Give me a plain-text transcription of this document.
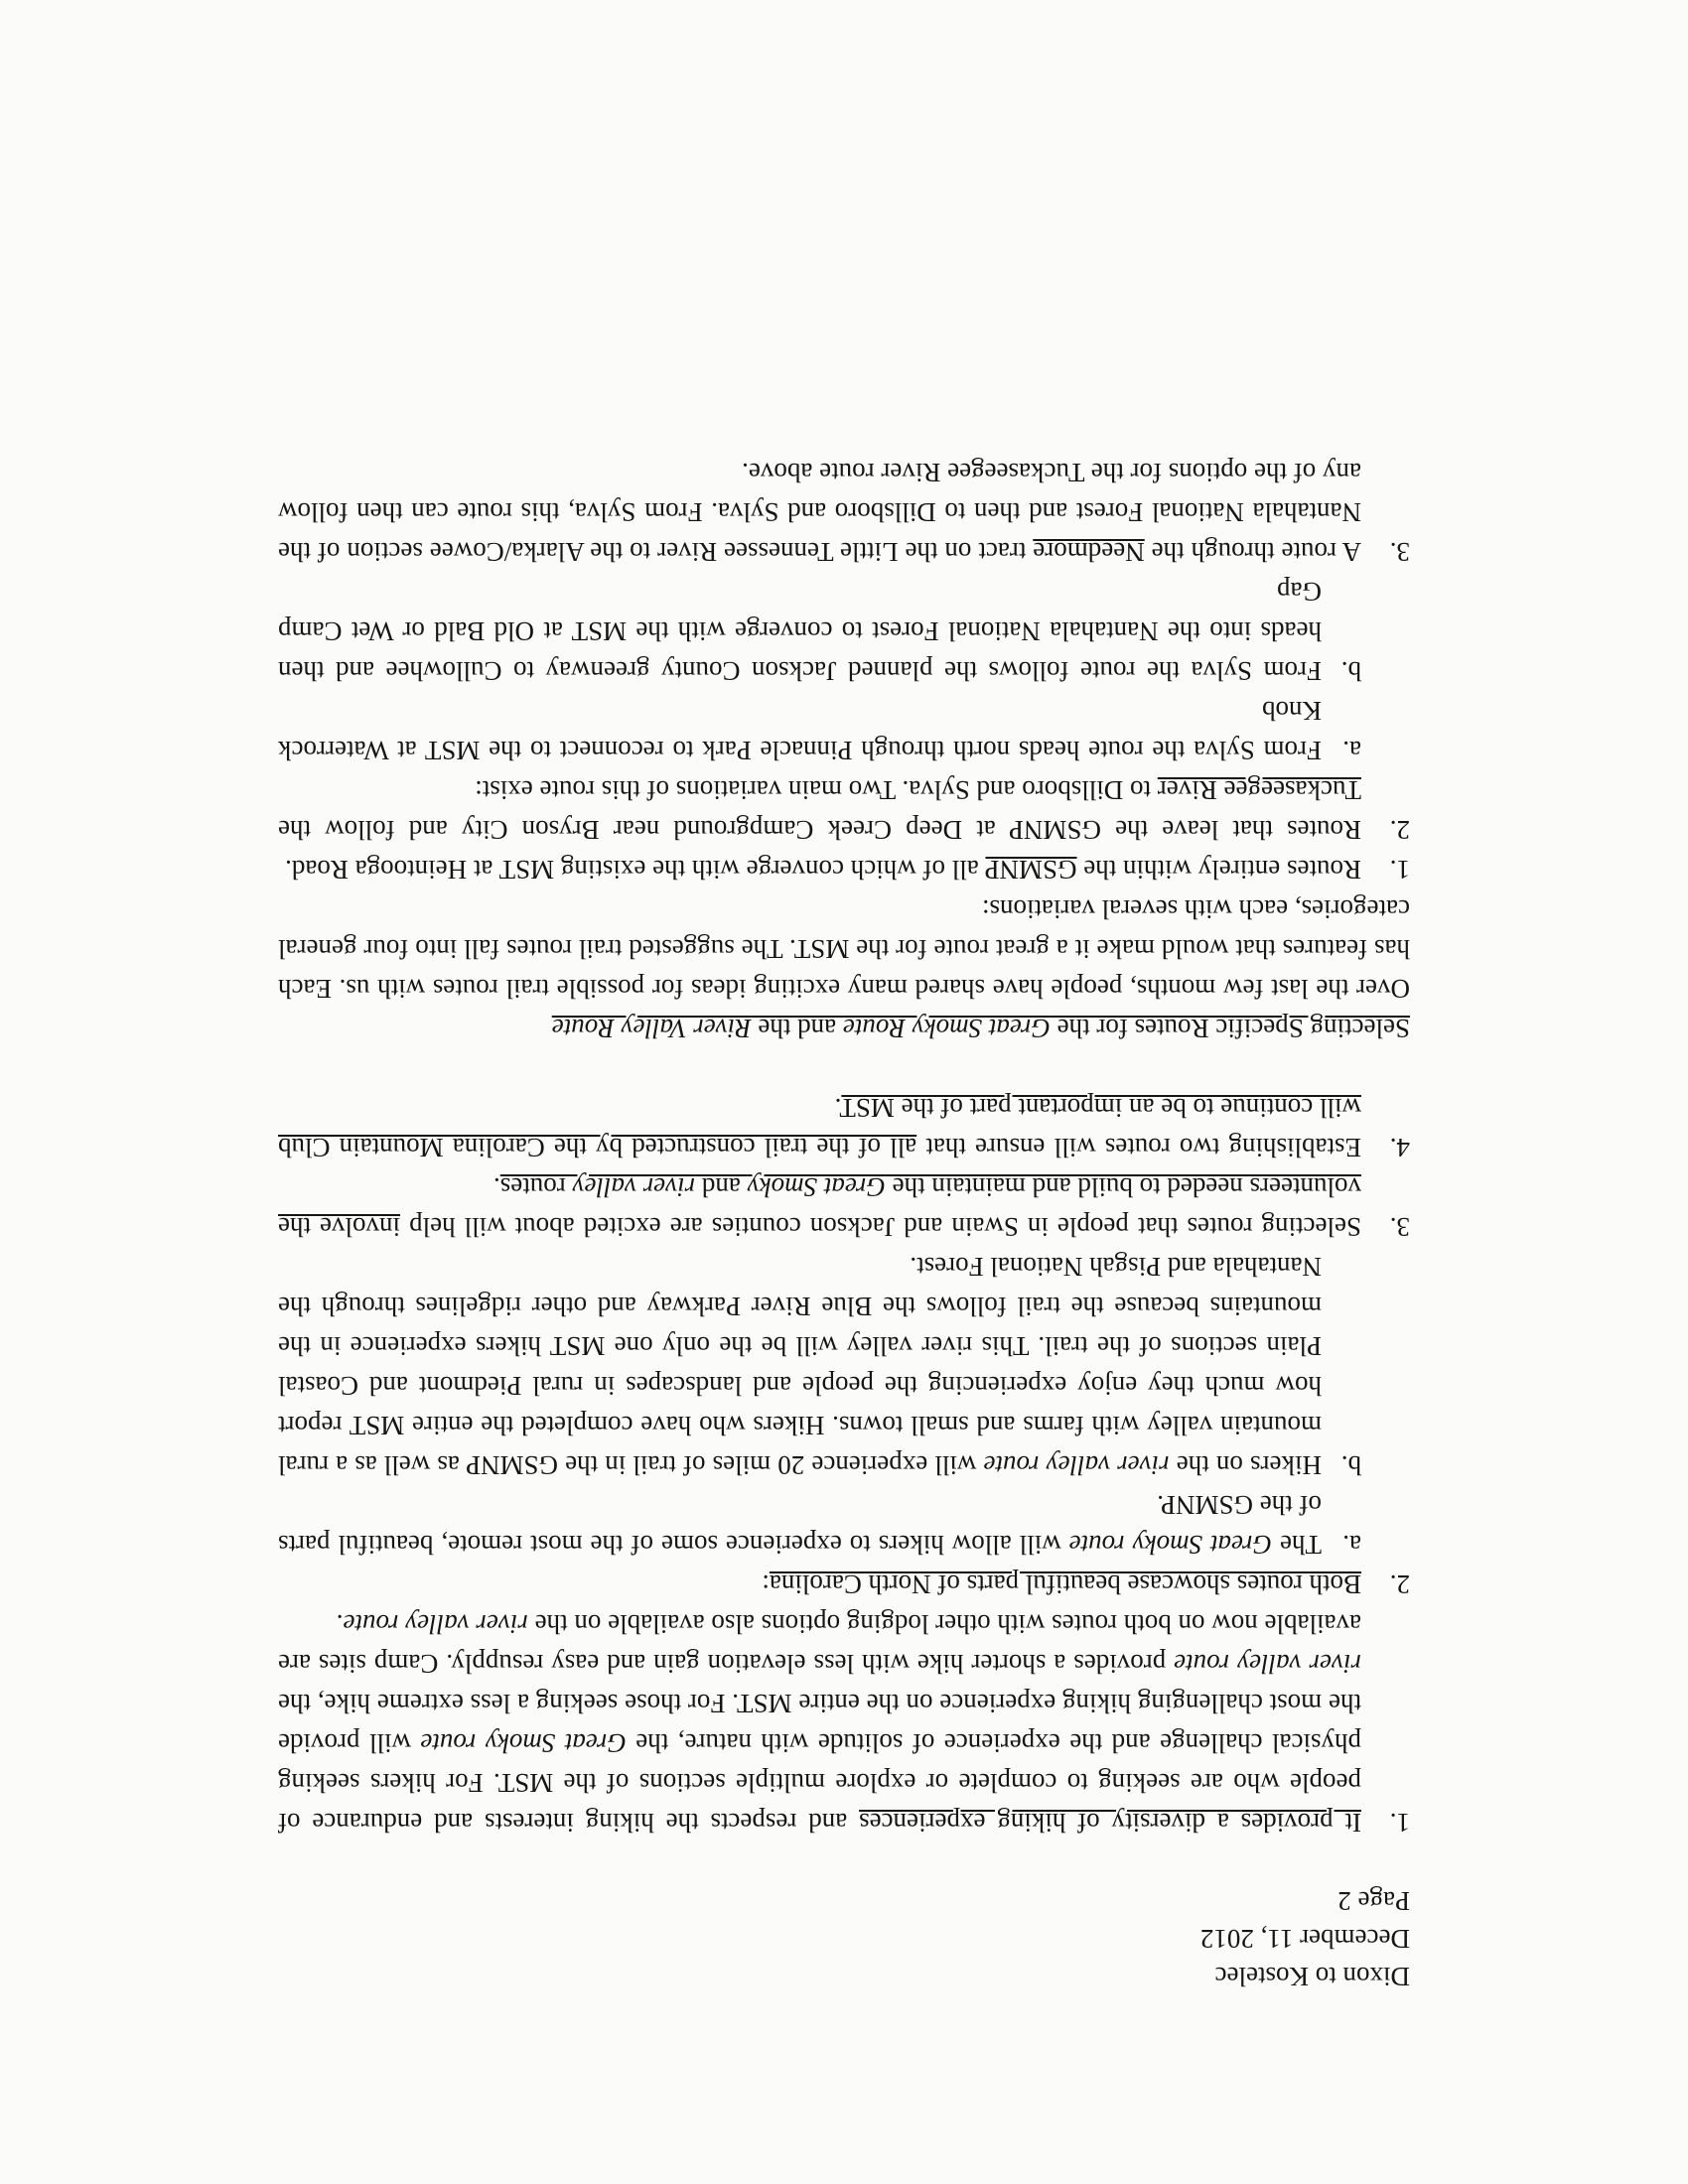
Dixon to Kostelec

December 11, 2012

Page 2

1.
It provides a diversity of hiking experiences and respects the hiking interests and endurance of people who are seeking to complete or explore multiple sections of the MST. For hikers seeking physical challenge and the experience of solitude with nature, the Great Smoky route will provide the most challenging hiking experience on the entire MST. For those seeking a less extreme hike, the river valley route provides a shorter hike with less elevation gain and easy resupply. Camp sites are available now on both routes with other lodging options also available on the river valley route.
2.
Both routes showcase beautiful parts of North Carolina:
a.
The Great Smoky route will allow hikers to experience some of the most remote, beautiful parts of the GSMNP.
b.
Hikers on the river valley route will experience 20 miles of trail in the GSMNP as well as a rural mountain valley with farms and small towns. Hikers who have completed the entire MST report how much they enjoy experiencing the people and landscapes in rural Piedmont and Coastal Plain sections of the trail. This river valley will be the only one MST hikers experience in the mountains because the trail follows the Blue River Parkway and other ridgelines through the Nantahala and Pisgah National Forest.
3.
Selecting routes that people in Swain and Jackson counties are excited about will help involve the volunteers needed to build and maintain the Great Smoky and river valley routes.
4.
Establishing two routes will ensure that all of the trail constructed by the Carolina Mountain Club will continue to be an important part of the MST.

Selecting Specific Routes for the Great Smoky Route and the River Valley Route

Over the last few months, people have shared many exciting ideas for possible trail routes with us. Each has features that would make it a great route for the MST. The suggested trail routes fall into four general categories, each with several variations:

1.
Routes entirely within the GSMNP all of which converge with the existing MST at Heintooga Road.
2.
Routes that leave the GSMNP at Deep Creek Campground near Bryson City and follow the Tuckaseegee River to Dillsboro and Sylva. Two main variations of this route exist:
a.
From Sylva the route heads north through Pinnacle Park to reconnect to the MST at Waterrock Knob
b.
From Sylva the route follows the planned Jackson County greenway to Cullowhee and then heads into the Nantahala National Forest to converge with the MST at Old Bald or Wet Camp Gap
3.
A route through the Needmore tract on the Little Tennessee River to the Alarka/Cowee section of the Nantahala National Forest and then to Dillsboro and Sylva. From Sylva, this route can then follow any of the options for the Tuckaseegee River route above.
